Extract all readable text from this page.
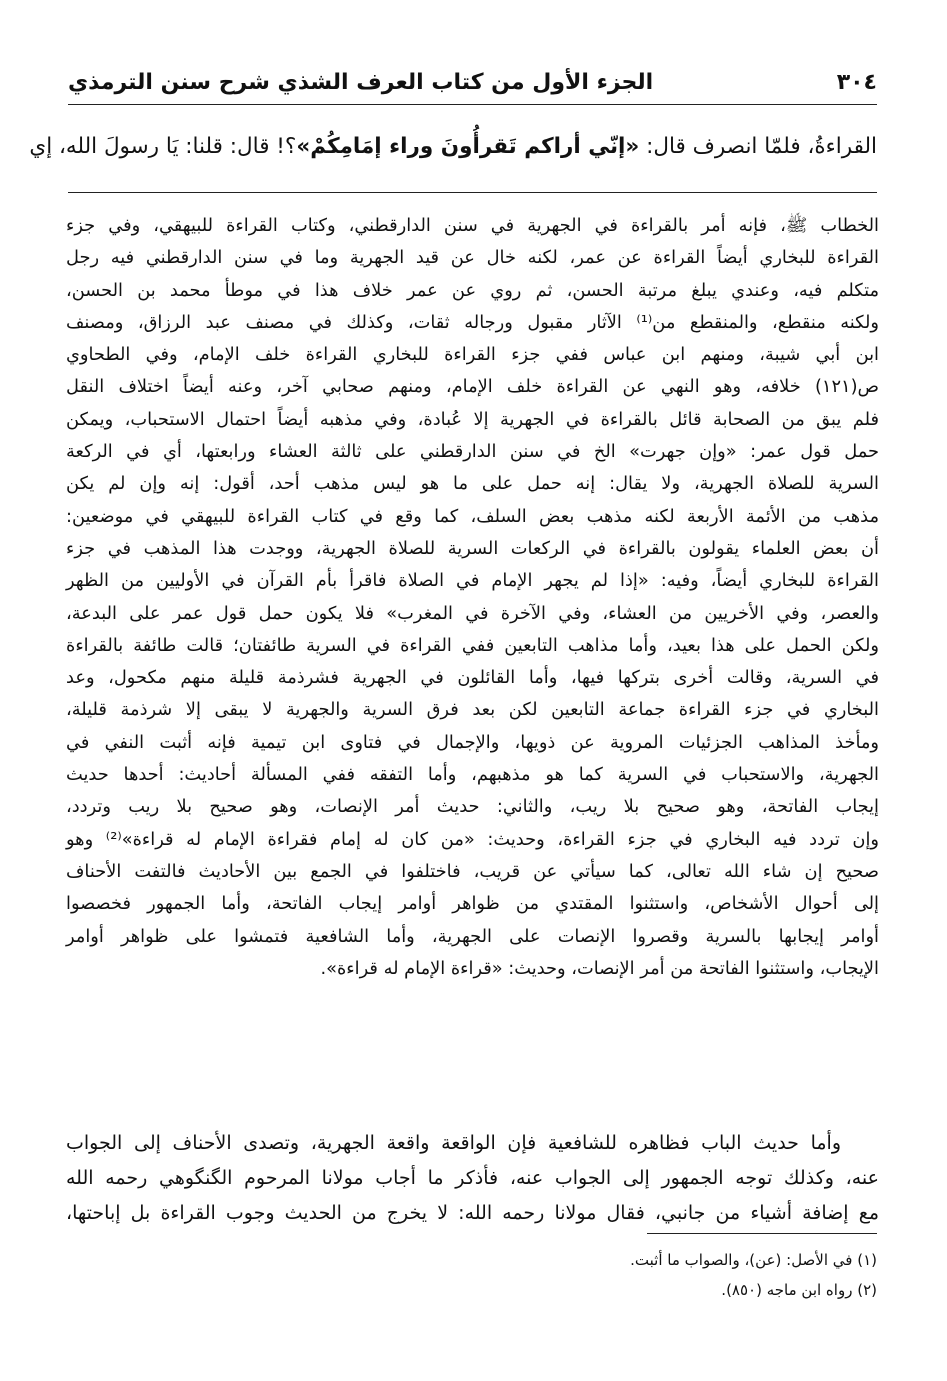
٣٠٤
الجزء الأول من كتاب العرف الشذي شرح سنن الترمذي
القراءةُ، فلمّا انصرف قال: «إنّي أراكم تَقرأُونَ وراء إمَامِكُمْ»؟! قال: قلنا: يَا رسولَ الله، إي
الخطاب ﷺ، فإنه أمر بالقراءة في الجهرية في سنن الدارقطني، وكتاب القراءة للبيهقي، وفي جزء
القراءة للبخاري أيضاً القراءة عن عمر، لكنه خال عن قيد الجهرية وما في سنن الدارقطني فيه رجل
متكلم فيه، وعندي يبلغ مرتبة الحسن، ثم روي عن عمر خلاف هذا في موطأ محمد بن الحسن،
ولكنه منقطع، والمنقطع من⁽¹⁾ الآثار مقبول ورجاله ثقات، وكذلك في مصنف عبد الرزاق، ومصنف
ابن أبي شيبة، ومنهم ابن عباس ففي جزء القراءة للبخاري القراءة خلف الإمام، وفي الطحاوي
ص(١٢١) خلافه، وهو النهي عن القراءة خلف الإمام، ومنهم صحابي آخر، وعنه أيضاً اختلاف النقل
فلم يبق من الصحابة قائل بالقراءة في الجهرية إلا عُبادة، وفي مذهبه أيضاً احتمال الاستحباب، ويمكن
حمل قول عمر: «وإن جهرت» الخ في سنن الدارقطني على ثالثة العشاء ورابعتها، أي في الركعة
السرية للصلاة الجهرية، ولا يقال: إنه حمل على ما هو ليس مذهب أحد، أقول: إنه وإن لم يكن
مذهب من الأئمة الأربعة لكنه مذهب بعض السلف، كما وقع في كتاب القراءة للبيهقي في موضعين:
أن بعض العلماء يقولون بالقراءة في الركعات السرية للصلاة الجهرية، ووجدت هذا المذهب في جزء
القراءة للبخاري أيضاً، وفيه: «إذا لم يجهر الإمام في الصلاة فاقرأ بأم القرآن في الأوليين من الظهر
والعصر، وفي الأخريين من العشاء، وفي الآخرة في المغرب» فلا يكون حمل قول عمر على البدعة،
ولكن الحمل على هذا بعيد، وأما مذاهب التابعين ففي القراءة في السرية طائفتان؛ قالت طائفة بالقراءة
في السرية، وقالت أخرى بتركها فيها، وأما القائلون في الجهرية فشرذمة قليلة منهم مكحول، وعد
البخاري في جزء القراءة جماعة التابعين لكن بعد فرق السرية والجهرية لا يبقى إلا شرذمة قليلة،
ومأخذ المذاهب الجزئيات المروية عن ذويها، والإجمال في فتاوى ابن تيمية فإنه أثبت النفي في
الجهرية، والاستحباب في السرية كما هو مذهبهم، وأما التفقه ففي المسألة أحاديث: أحدها حديث
إيجاب الفاتحة، وهو صحيح بلا ريب، والثاني: حديث أمر الإنصات، وهو صحيح بلا ريب وتردد،
وإن تردد فيه البخاري في جزء القراءة، وحديث: «من كان له إمام فقراءة الإمام له قراءة»⁽²⁾ وهو
صحيح إن شاء الله تعالى، كما سيأتي عن قريب، فاختلفوا في الجمع بين الأحاديث فالتفت الأحناف
إلى أحوال الأشخاص، واستثنوا المقتدي من ظواهر أوامر إيجاب الفاتحة، وأما الجمهور فخصصوا
أوامر إيجابها بالسرية وقصروا الإنصات على الجهرية، وأما الشافعية فتمشوا على ظواهر أوامر
الإيجاب، واستثنوا الفاتحة من أمر الإنصات، وحديث: «قراءة الإمام له قراءة».
وأما حديث الباب فظاهره للشافعية فإن الواقعة واقعة الجهرية، وتصدى الأحناف إلى الجواب
عنه، وكذلك توجه الجمهور إلى الجواب عنه، فأذكر ما أجاب مولانا المرحوم الگنگوهي رحمه الله
مع إضافة أشياء من جانبي، فقال مولانا رحمه الله: لا يخرج من الحديث وجوب القراءة بل إباحتها،
(١) في الأصل: (عن)، والصواب ما أثبت.
(٢) رواه ابن ماجه (٨٥٠).
